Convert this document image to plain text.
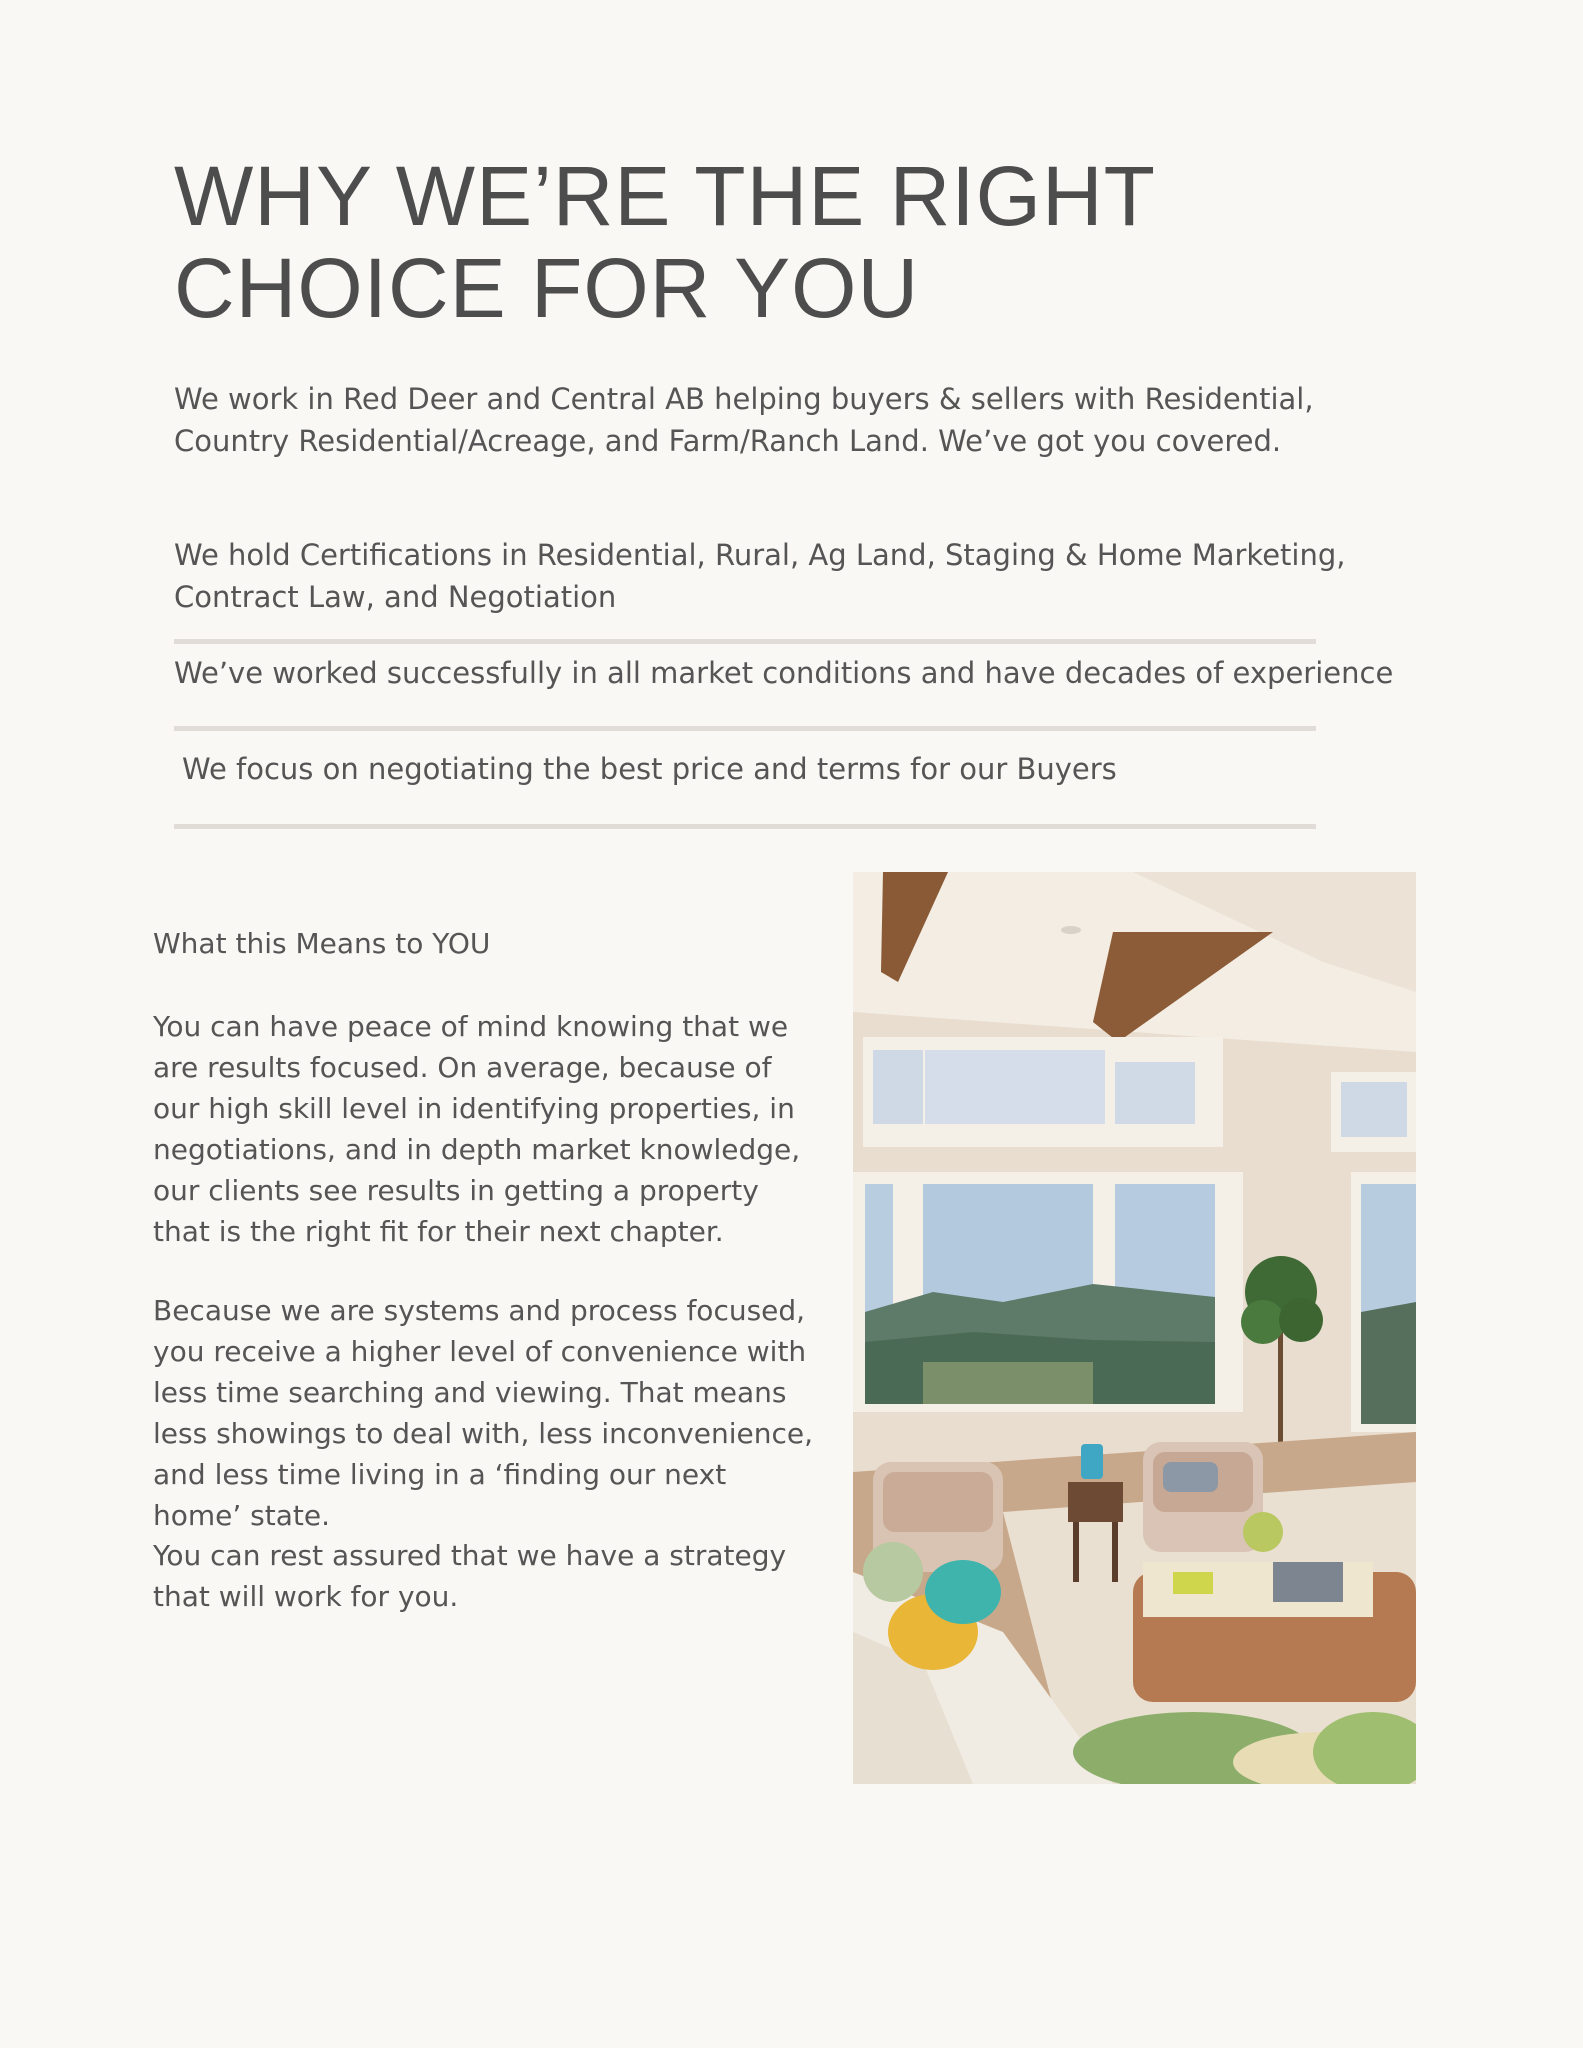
WHY WE’RE THE RIGHT CHOICE FOR YOU

We work in Red Deer and Central AB helping buyers & sellers with Residential, Country Residential/Acreage, and Farm/Ranch Land. We’ve got you covered.

We hold Certifications in Residential, Rural, Ag Land, Staging & Home Marketing, Contract Law, and Negotiation

We’ve worked successfully in all market conditions and have decades of experience

We focus on negotiating the best price and terms for our Buyers

What this Means to YOU

You can have peace of mind knowing that we are results focused. On average, because of our high skill level in identifying properties, in negotiations, and in depth market knowledge, our clients see results in getting a property that is the right fit for their next chapter.

Because we are systems and process focused, you receive a higher level of convenience with less time searching and viewing. That means less showings to deal with, less inconvenience, and less time living in a ‘finding our next home’ state.

You can rest assured that we have a strategy that will work for you.
